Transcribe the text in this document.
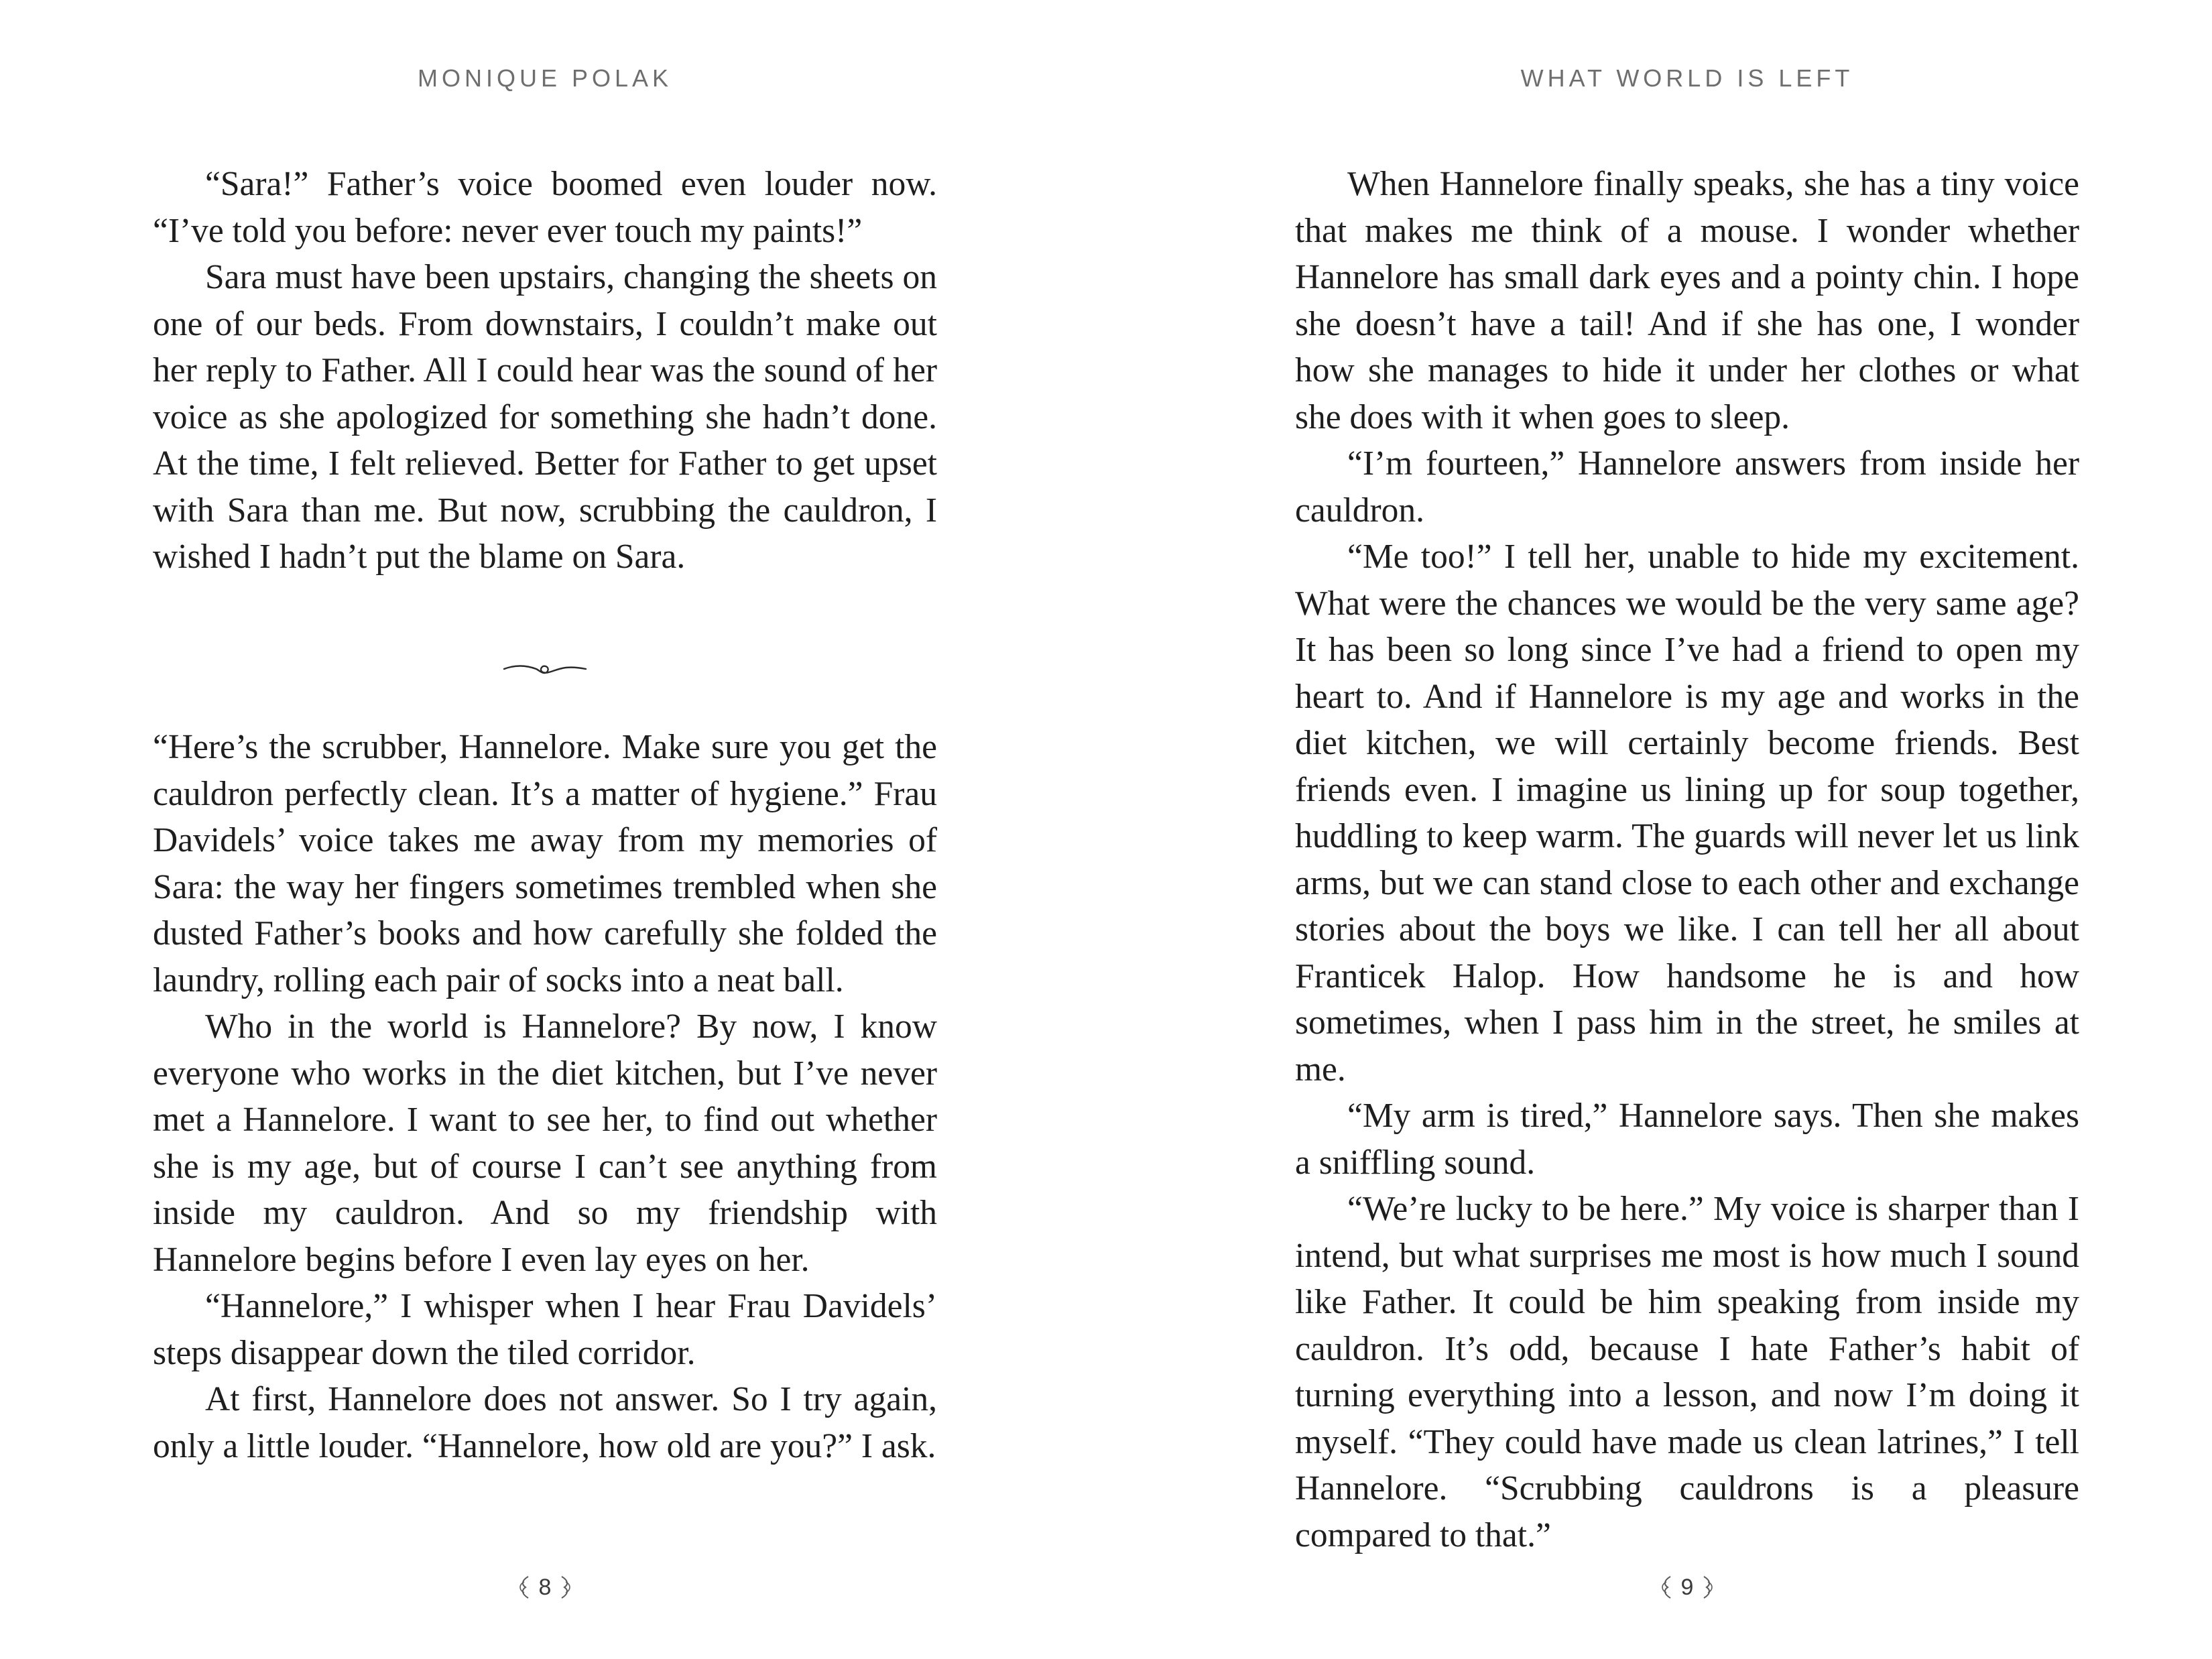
MONIQUE POLAK

“Sara!” Father’s voice boomed even louder now. “I’ve told you before: never ever touch my paints!”

Sara must have been upstairs, changing the sheets on one of our beds. From downstairs, I couldn’t make out her reply to Father. All I could hear was the sound of her voice as she apologized for something she hadn’t done. At the time, I felt relieved. Better for Father to get upset with Sara than me. But now, scrubbing the cauldron, I wished I hadn’t put the blame on Sara.

“Here’s the scrubber, Hannelore. Make sure you get the cauldron perfectly clean. It’s a matter of hygiene.” Frau Davidels’ voice takes me away from my memories of Sara: the way her fingers sometimes trembled when she dusted Father’s books and how carefully she folded the laundry, rolling each pair of socks into a neat ball.

Who in the world is Hannelore? By now, I know everyone who works in the diet kitchen, but I’ve never met a Hannelore. I want to see her, to find out whether she is my age, but of course I can’t see anything from inside my cauldron. And so my friendship with Hannelore begins before I even lay eyes on her.

“Hannelore,” I whisper when I hear Frau Davidels’ steps disappear down the tiled corridor.

At first, Hannelore does not answer. So I try again, only a little louder. “Hannelore, how old are you?” I ask.

8
WHAT WORLD IS LEFT

When Hannelore finally speaks, she has a tiny voice that makes me think of a mouse. I wonder whether Hannelore has small dark eyes and a pointy chin. I hope she doesn’t have a tail! And if she has one, I wonder how she manages to hide it under her clothes or what she does with it when goes to sleep.

“I’m fourteen,” Hannelore answers from inside her cauldron.

“Me too!” I tell her, unable to hide my excitement. What were the chances we would be the very same age? It has been so long since I’ve had a friend to open my heart to. And if Hannelore is my age and works in the diet kitchen, we will certainly become friends. Best friends even. I imagine us lining up for soup together, huddling to keep warm. The guards will never let us link arms, but we can stand close to each other and exchange stories about the boys we like. I can tell her all about Franticek Halop. How handsome he is and how sometimes, when I pass him in the street, he smiles at me.

“My arm is tired,” Hannelore says. Then she makes a sniffling sound.

“We’re lucky to be here.” My voice is sharper than I intend, but what surprises me most is how much I sound like Father. It could be him speaking from inside my cauldron. It’s odd, because I hate Father’s habit of turning everything into a lesson, and now I’m doing it myself. “They could have made us clean latrines,” I tell Hannelore. “Scrubbing cauldrons is a pleasure compared to that.”

9
